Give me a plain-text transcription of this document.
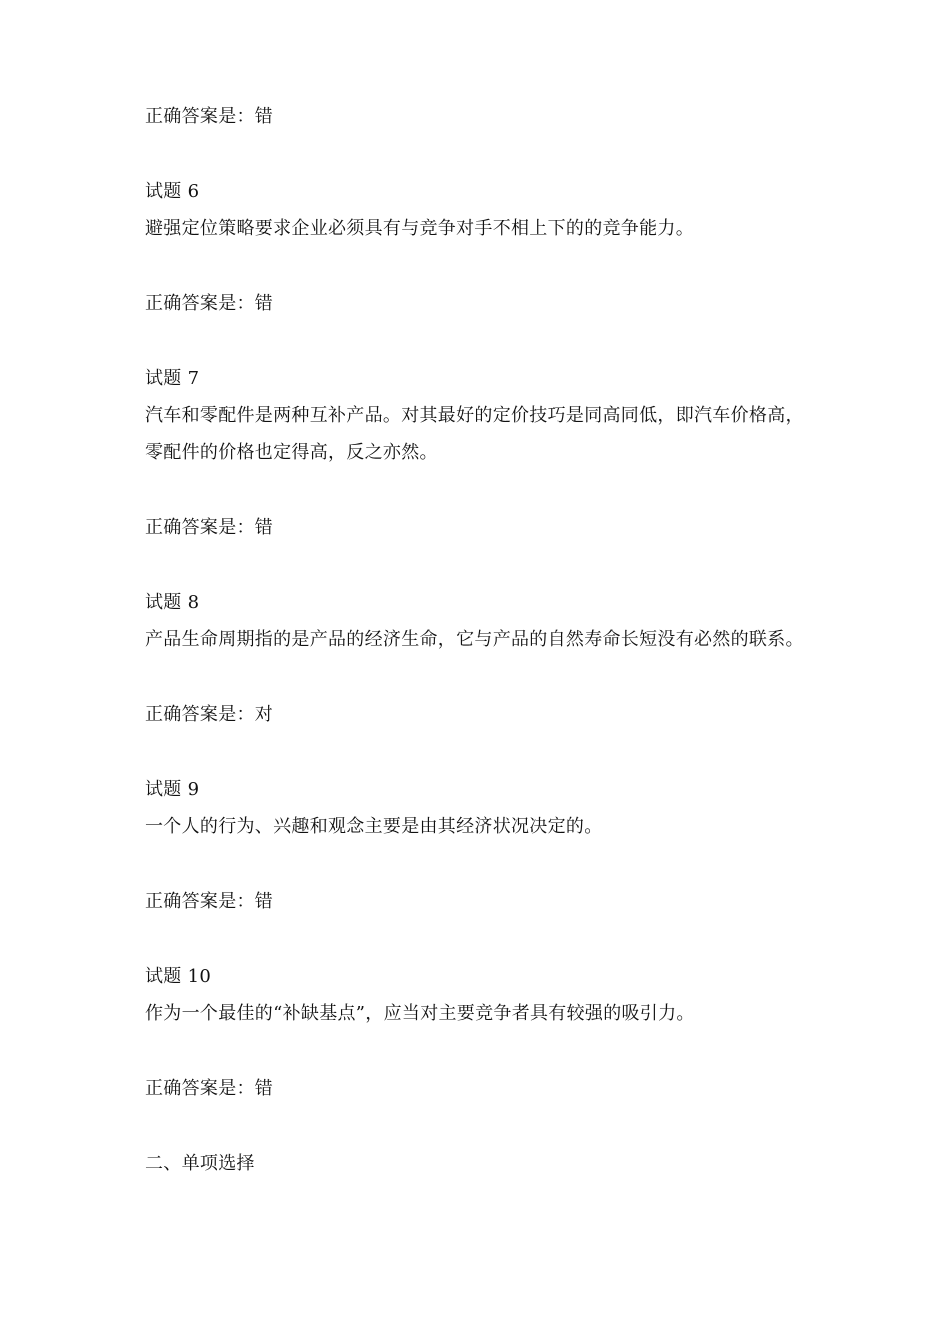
正确答案是：错
试题 6
避强定位策略要求企业必须具有与竞争对手不相上下的的竞争能力。
正确答案是：错
试题 7
汽车和零配件是两种互补产品。对其最好的定价技巧是同高同低，即汽车价格高，
零配件的价格也定得高，反之亦然。
正确答案是：错
试题 8
产品生命周期指的是产品的经济生命，它与产品的自然寿命长短没有必然的联系。
正确答案是：对
试题 9
一个人的行为、兴趣和观念主要是由其经济状况决定的。
正确答案是：错
试题 10
作为一个最佳的“补缺基点”，应当对主要竞争者具有较强的吸引力。
正确答案是：错
二、单项选择
